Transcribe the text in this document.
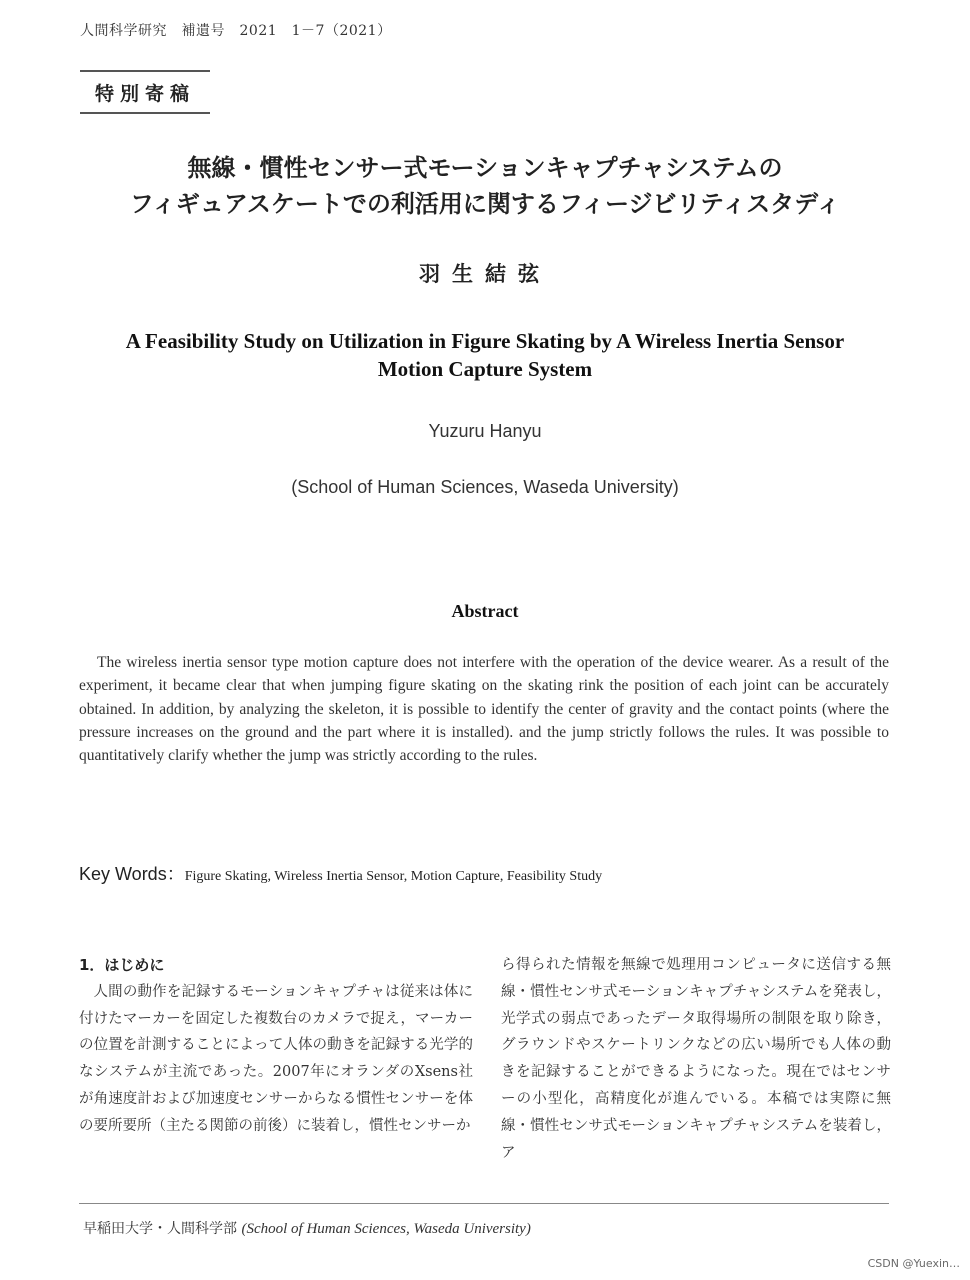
人間科学研究　補遺号　2021　1－7（2021）
特別寄稿
無線・慣性センサー式モーションキャプチャシステムの
フィギュアスケートでの利活用に関するフィージビリティスタディ
羽生結弦
A Feasibility Study on Utilization in Figure Skating by A Wireless Inertia Sensor
Motion Capture System
Yuzuru Hanyu
(School of Human Sciences, Waseda University)
Abstract
The wireless inertia sensor type motion capture does not interfere with the operation of the device wearer. As a result of the experiment, it became clear that when jumping figure skating on the skating rink the position of each joint can be accurately obtained. In addition, by analyzing the skeleton, it is possible to identify the center of gravity and the contact points (where the pressure increases on the ground and the part where it is installed). and the jump strictly follows the rules. It was possible to quantitatively clarify whether the jump was strictly according to the rules.
Key Words：Figure Skating, Wireless Inertia Sensor, Motion Capture, Feasibility Study
1．はじめに
人間の動作を記録するモーションキャプチャは従来は体に付けたマーカーを固定した複数台のカメラで捉え，マーカーの位置を計測することによって人体の動きを記録する光学的なシステムが主流であった。2007年にオランダのXsens社が角速度計および加速度センサーからなる慣性センサーを体の要所要所（主たる関節の前後）に装着し，慣性センサーか
ら得られた情報を無線で処理用コンピュータに送信する無線・慣性センサ式モーションキャプチャシステムを発表し，光学式の弱点であったデータ取得場所の制限を取り除き，グラウンドやスケートリンクなどの広い場所でも人体の動きを記録することができるようになった。現在ではセンサーの小型化，高精度化が進んでいる。本稿では実際に無線・慣性センサ式モーションキャプチャシステムを装着し，ア
早稲田大学・人間科学部 (School of Human Sciences, Waseda University)
CSDN @Yuexin…
